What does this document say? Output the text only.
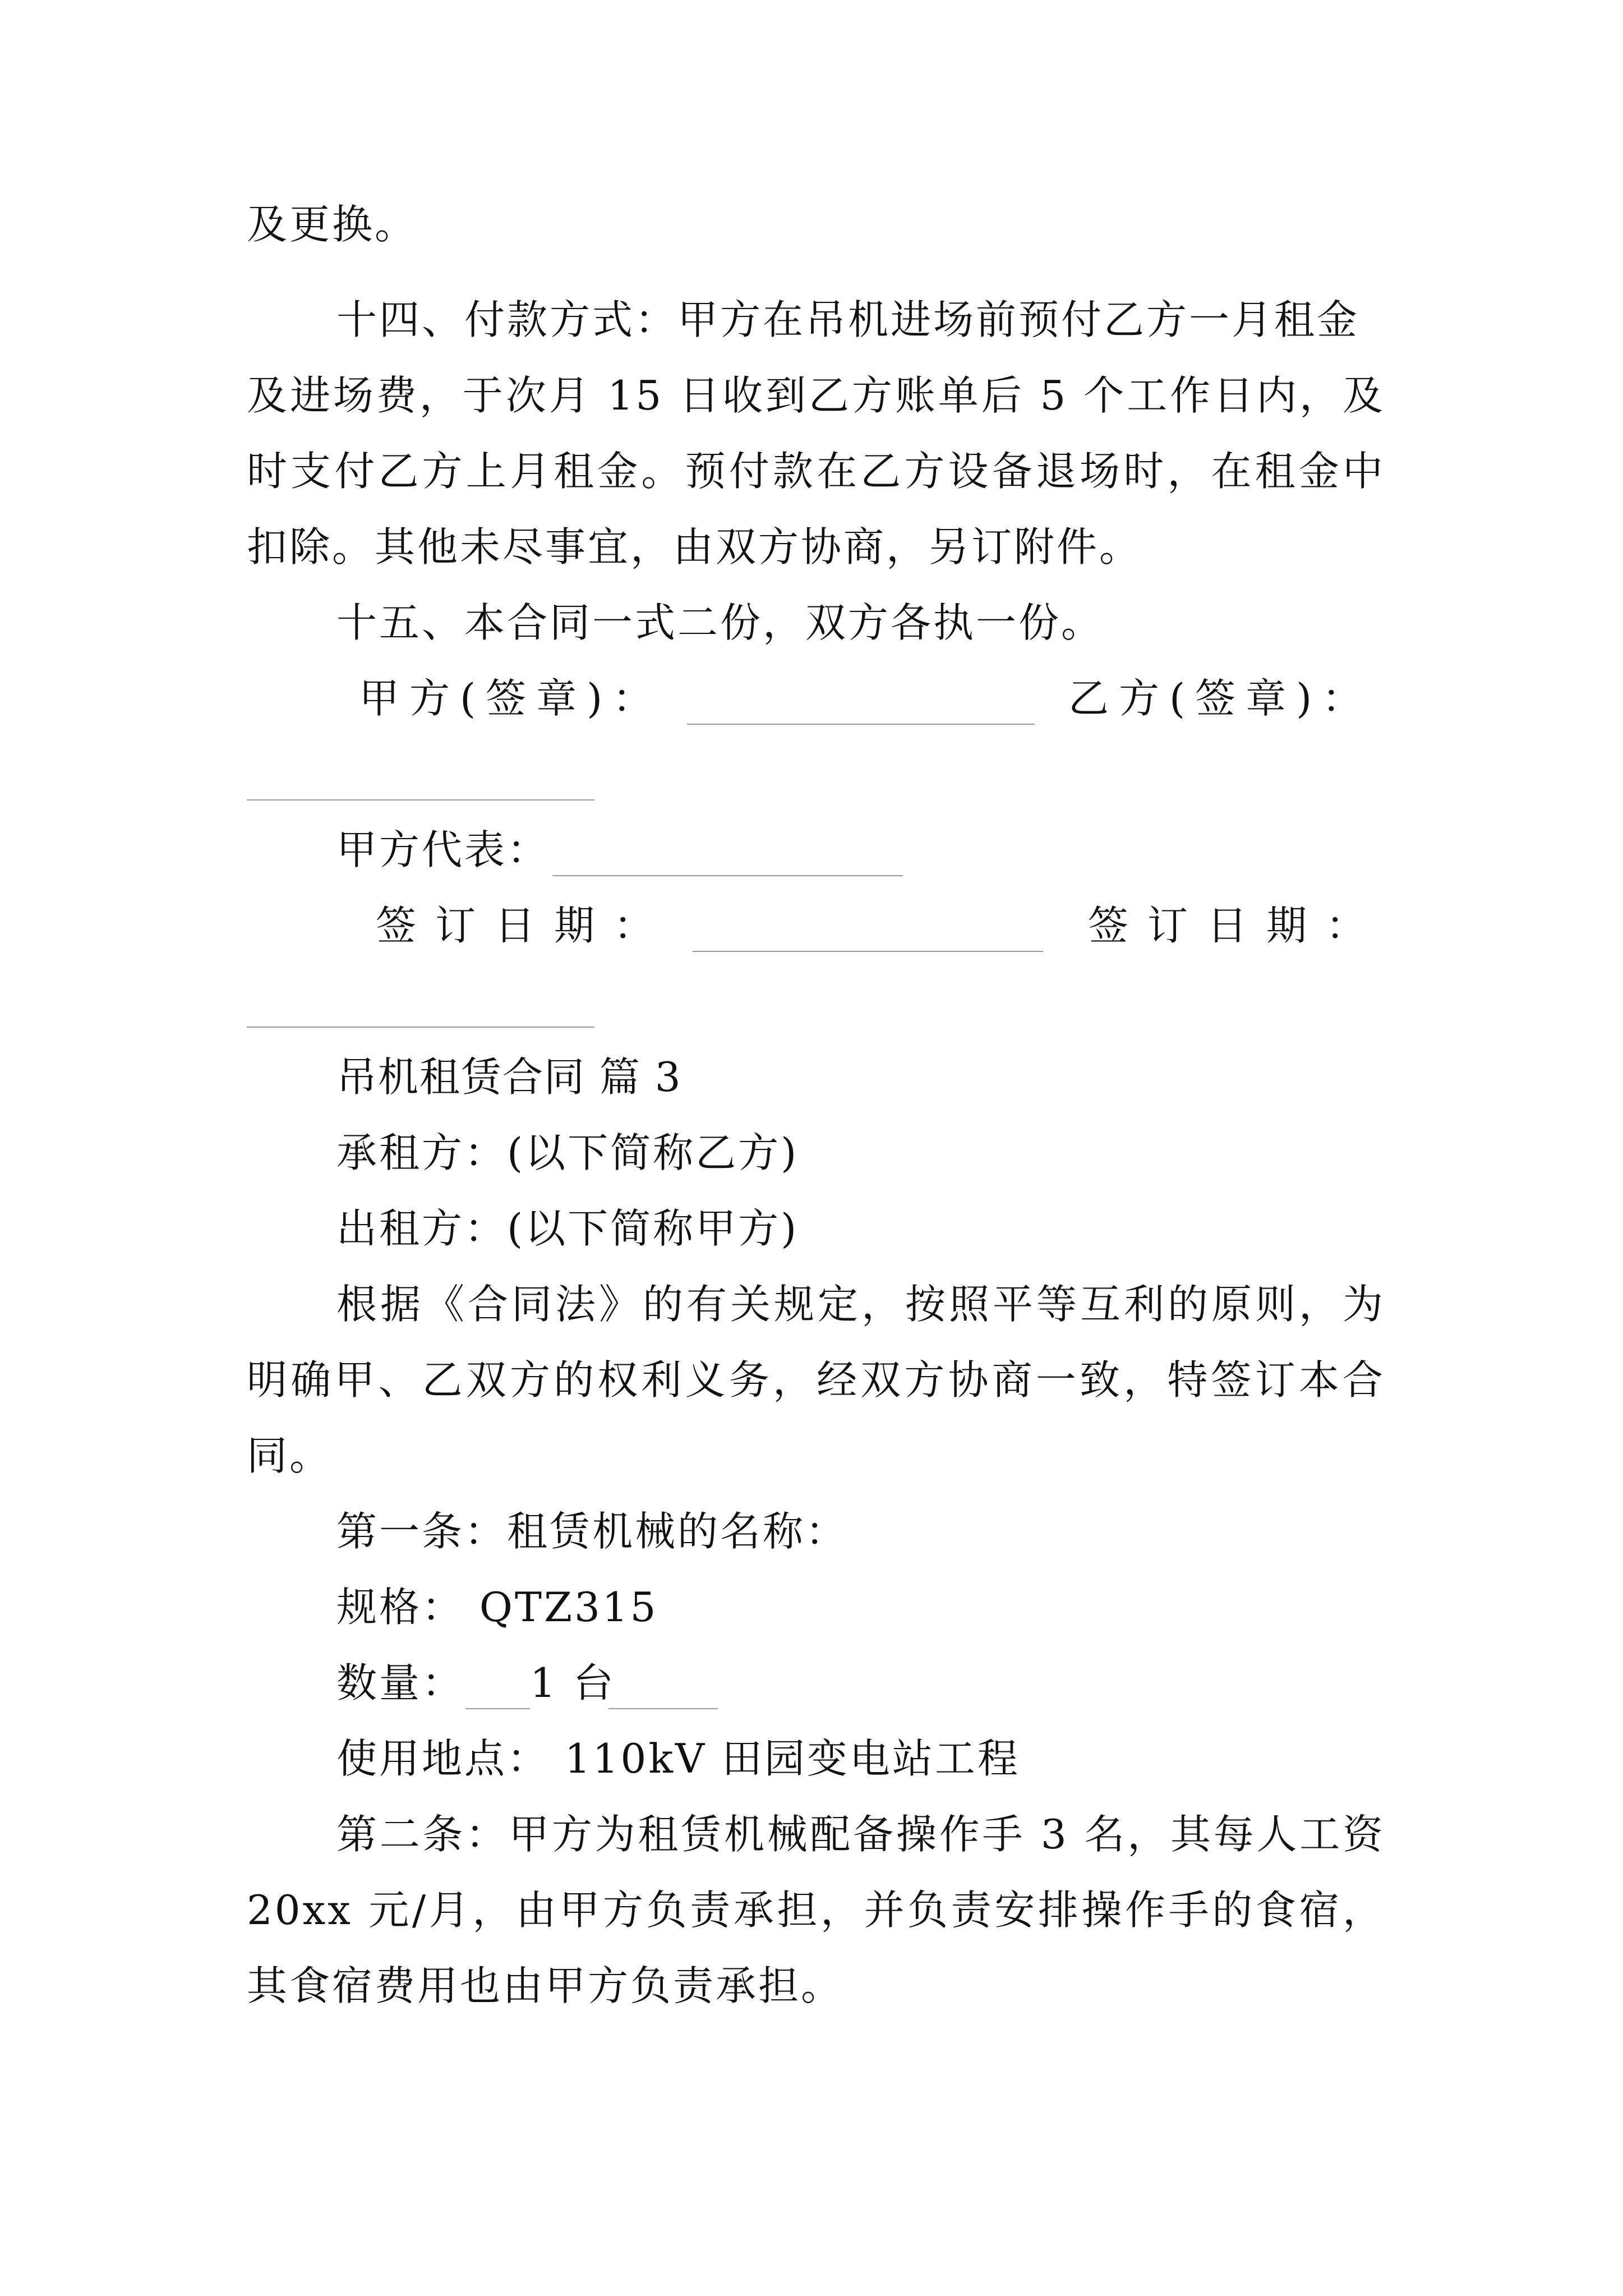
及更换。
十四、付款方式：甲方在吊机进场前预付乙方一月租金
及进场费，于次月 15 日收到乙方账单后 5 个工作日内，及
时支付乙方上月租金。预付款在乙方设备退场时，在租金中
扣除。其他未尽事宜，由双方协商，另订附件。
十五、本合同一式二份，双方各执一份。
甲方(签章)：	乙方(签章)：
甲方代表：
签订日期：	签订日期：
吊机租赁合同 篇 3
承租方：(以下简称乙方)
出租方：(以下简称甲方)
根据《合同法》的有关规定，按照平等互利的原则，为
明确甲、乙双方的权利义务，经双方协商一致，特签订本合
同。
第一条：租赁机械的名称：
规格： QTZ315
数量： 1 台
使用地点： 110kV 田园变电站工程
第二条：甲方为租赁机械配备操作手 3 名，其每人工资
20xx 元/月，由甲方负责承担，并负责安排操作手的食宿，
其食宿费用也由甲方负责承担。
